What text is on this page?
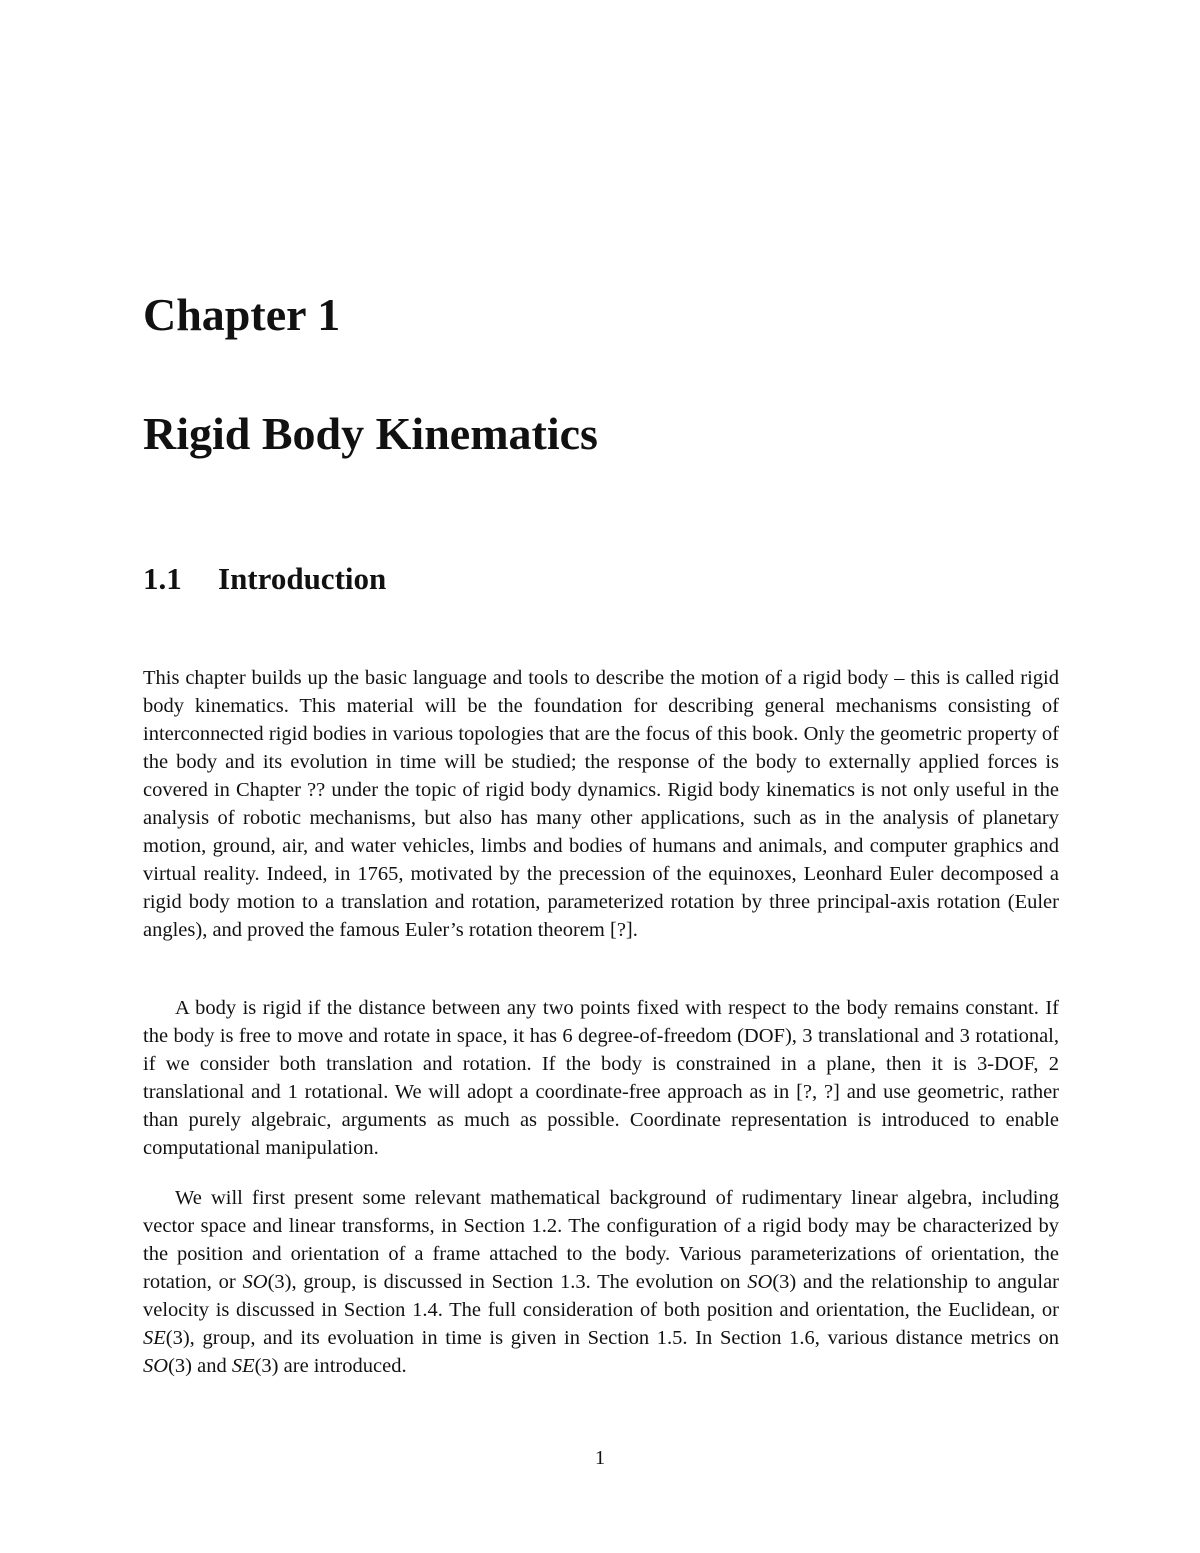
Chapter 1
Rigid Body Kinematics
1.1 Introduction

This chapter builds up the basic language and tools to describe the motion of a rigid body – this is called rigid body kinematics. This material will be the foundation for describing general mechanisms consisting of interconnected rigid bodies in various topologies that are the focus of this book. Only the geometric property of the body and its evolution in time will be studied; the response of the body to externally applied forces is covered in Chapter ?? under the topic of rigid body dynamics. Rigid body kinematics is not only useful in the analysis of robotic mechanisms, but also has many other applications, such as in the analysis of planetary motion, ground, air, and water vehicles, limbs and bodies of humans and animals, and computer graphics and virtual reality. Indeed, in 1765, motivated by the precession of the equinoxes, Leonhard Euler decomposed a rigid body motion to a translation and rotation, parameterized rotation by three principal-axis rotation (Euler angles), and proved the famous Euler’s rotation theorem [?].

A body is rigid if the distance between any two points fixed with respect to the body remains constant. If the body is free to move and rotate in space, it has 6 degree-of-freedom (DOF), 3 translational and 3 rotational, if we consider both translation and rotation. If the body is constrained in a plane, then it is 3-DOF, 2 translational and 1 rotational. We will adopt a coordinate-free approach as in [?, ?] and use geometric, rather than purely algebraic, arguments as much as possible. Coordinate representation is introduced to enable computational manipulation.

We will first present some relevant mathematical background of rudimentary linear algebra, including vector space and linear transforms, in Section 1.2. The configuration of a rigid body may be characterized by the position and orientation of a frame attached to the body. Various parameterizations of orientation, the rotation, or SO(3), group, is discussed in Section 1.3. The evolution on SO(3) and the relationship to angular velocity is discussed in Section 1.4. The full consideration of both position and orientation, the Euclidean, or SE(3), group, and its evoluation in time is given in Section 1.5. In Section 1.6, various distance metrics on SO(3) and SE(3) are introduced.

1
